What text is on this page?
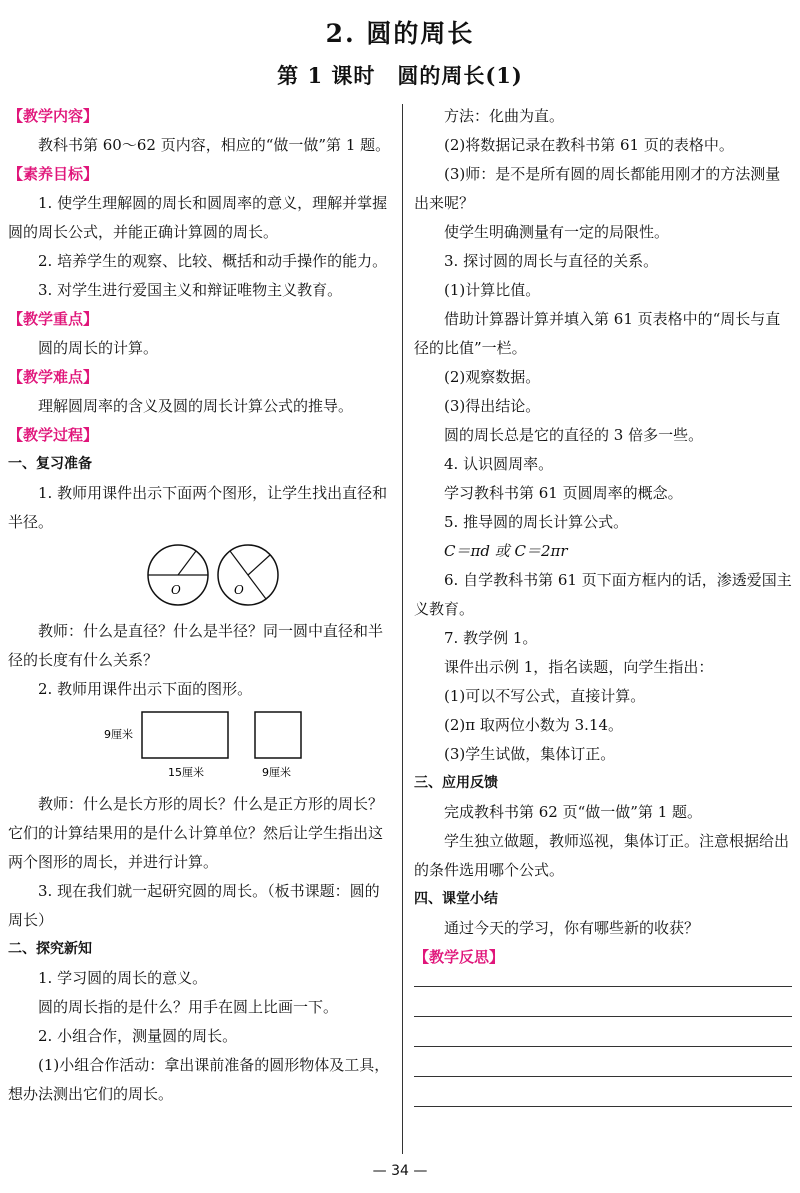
2. 圆的周长
第 1 课时　圆的周长(1)

【教学内容】

教科书第 60～62 页内容，相应的“做一做”第 1 题。

【素养目标】

1. 使学生理解圆的周长和圆周率的意义，理解并掌握圆的周长公式，并能正确计算圆的周长。

2. 培养学生的观察、比较、概括和动手操作的能力。

3. 对学生进行爱国主义和辩证唯物主义教育。

【教学重点】

圆的周长的计算。

【教学难点】

理解圆周率的含义及圆的周长计算公式的推导。

【教学过程】

一、复习准备

1. 教师用课件出示下面两个图形，让学生找出直径和半径。

O	O

教师：什么是直径？什么是半径？同一圆中直径和半径的长度有什么关系？

2. 教师用课件出示下面的图形。

9厘米
15厘米	9厘米

教师：什么是长方形的周长？什么是正方形的周长？它们的计算结果用的是什么计算单位？然后让学生指出这两个图形的周长，并进行计算。

3. 现在我们就一起研究圆的周长。（板书课题：圆的周长）

二、探究新知

1. 学习圆的周长的意义。

圆的周长指的是什么？用手在圆上比画一下。

2. 小组合作，测量圆的周长。

(1)小组合作活动：拿出课前准备的圆形物体及工具，想办法测出它们的周长。

方法：化曲为直。

(2)将数据记录在教科书第 61 页的表格中。

(3)师：是不是所有圆的周长都能用刚才的方法测量出来呢？

使学生明确测量有一定的局限性。

3. 探讨圆的周长与直径的关系。

(1)计算比值。

借助计算器计算并填入第 61 页表格中的“周长与直径的比值”一栏。

(2)观察数据。

(3)得出结论。

圆的周长总是它的直径的 3 倍多一些。

4. 认识圆周率。

学习教科书第 61 页圆周率的概念。

5. 推导圆的周长计算公式。

C＝πd 或 C＝2πr

6. 自学教科书第 61 页下面方框内的话，渗透爱国主义教育。

7. 教学例 1。

课件出示例 1，指名读题，向学生指出：

(1)可以不写公式，直接计算。

(2)π 取两位小数为 3.14。

(3)学生试做，集体订正。

三、应用反馈

完成教科书第 62 页“做一做”第 1 题。

学生独立做题，教师巡视，集体订正。注意根据给出的条件选用哪个公式。

四、课堂小结

通过今天的学习，你有哪些新的收获？

【教学反思】

— 34 —
